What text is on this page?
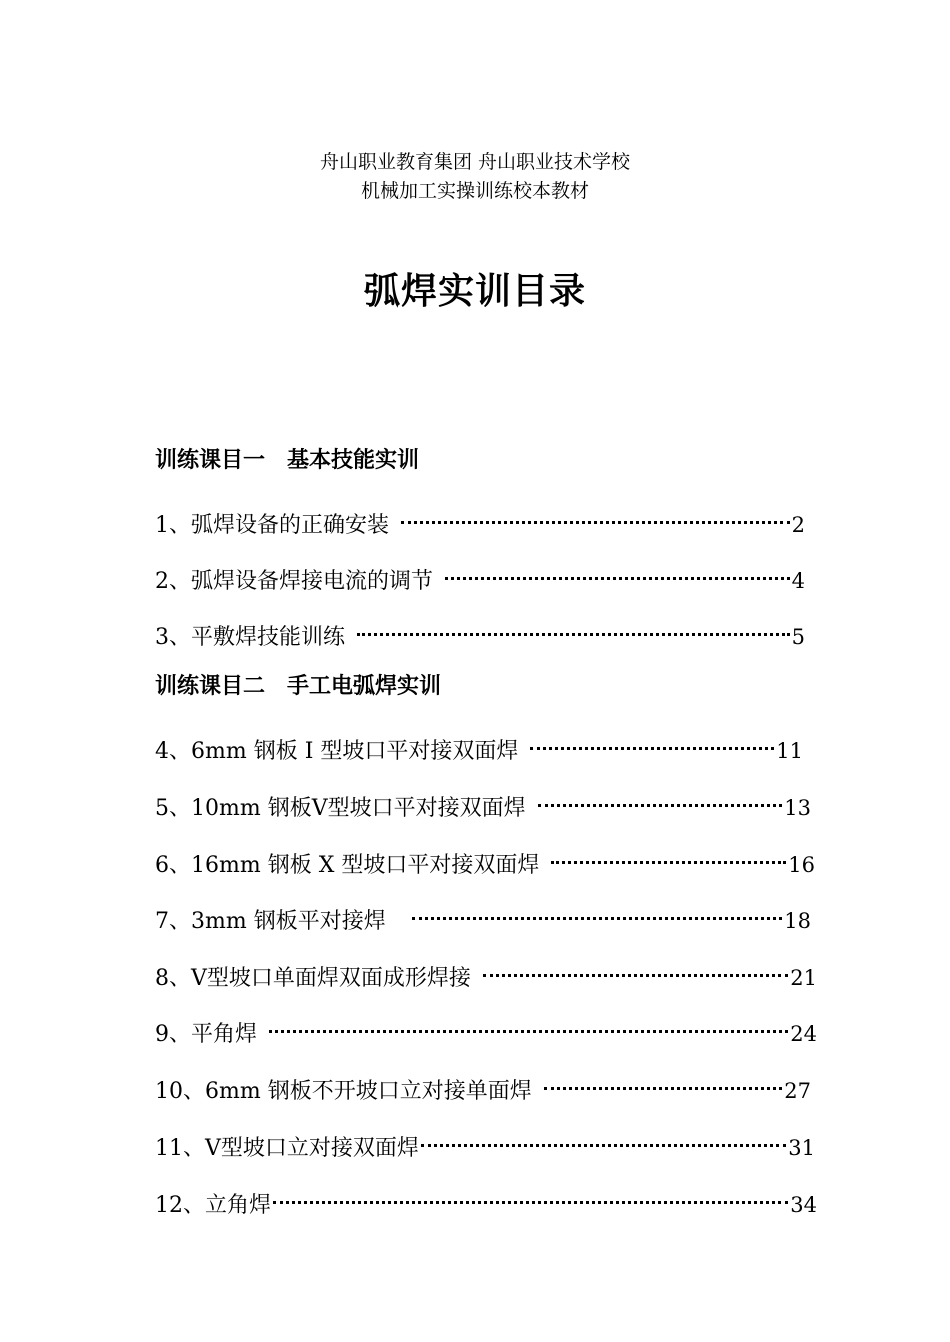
舟山职业教育集团 舟山职业技术学校
机械加工实操训练校本教材
弧焊实训目录
训练课目一　基本技能实训
1、弧焊设备的正确安装	2
2、弧焊设备焊接电流的调节	4
3、平敷焊技能训练	5
训练课目二　手工电弧焊实训
4、6mm 钢板 I 型坡口平对接双面焊	11
5、10mm 钢板Ⅴ型坡口平对接双面焊	13
6、16mm 钢板 X 型坡口平对接双面焊	16
7、3mm 钢板平对接焊	18
8、Ⅴ型坡口单面焊双面成形焊接	21
9、平角焊	24
10、6mm 钢板不开坡口立对接单面焊	27
11、Ⅴ型坡口立对接双面焊	31
12、立角焊	34
